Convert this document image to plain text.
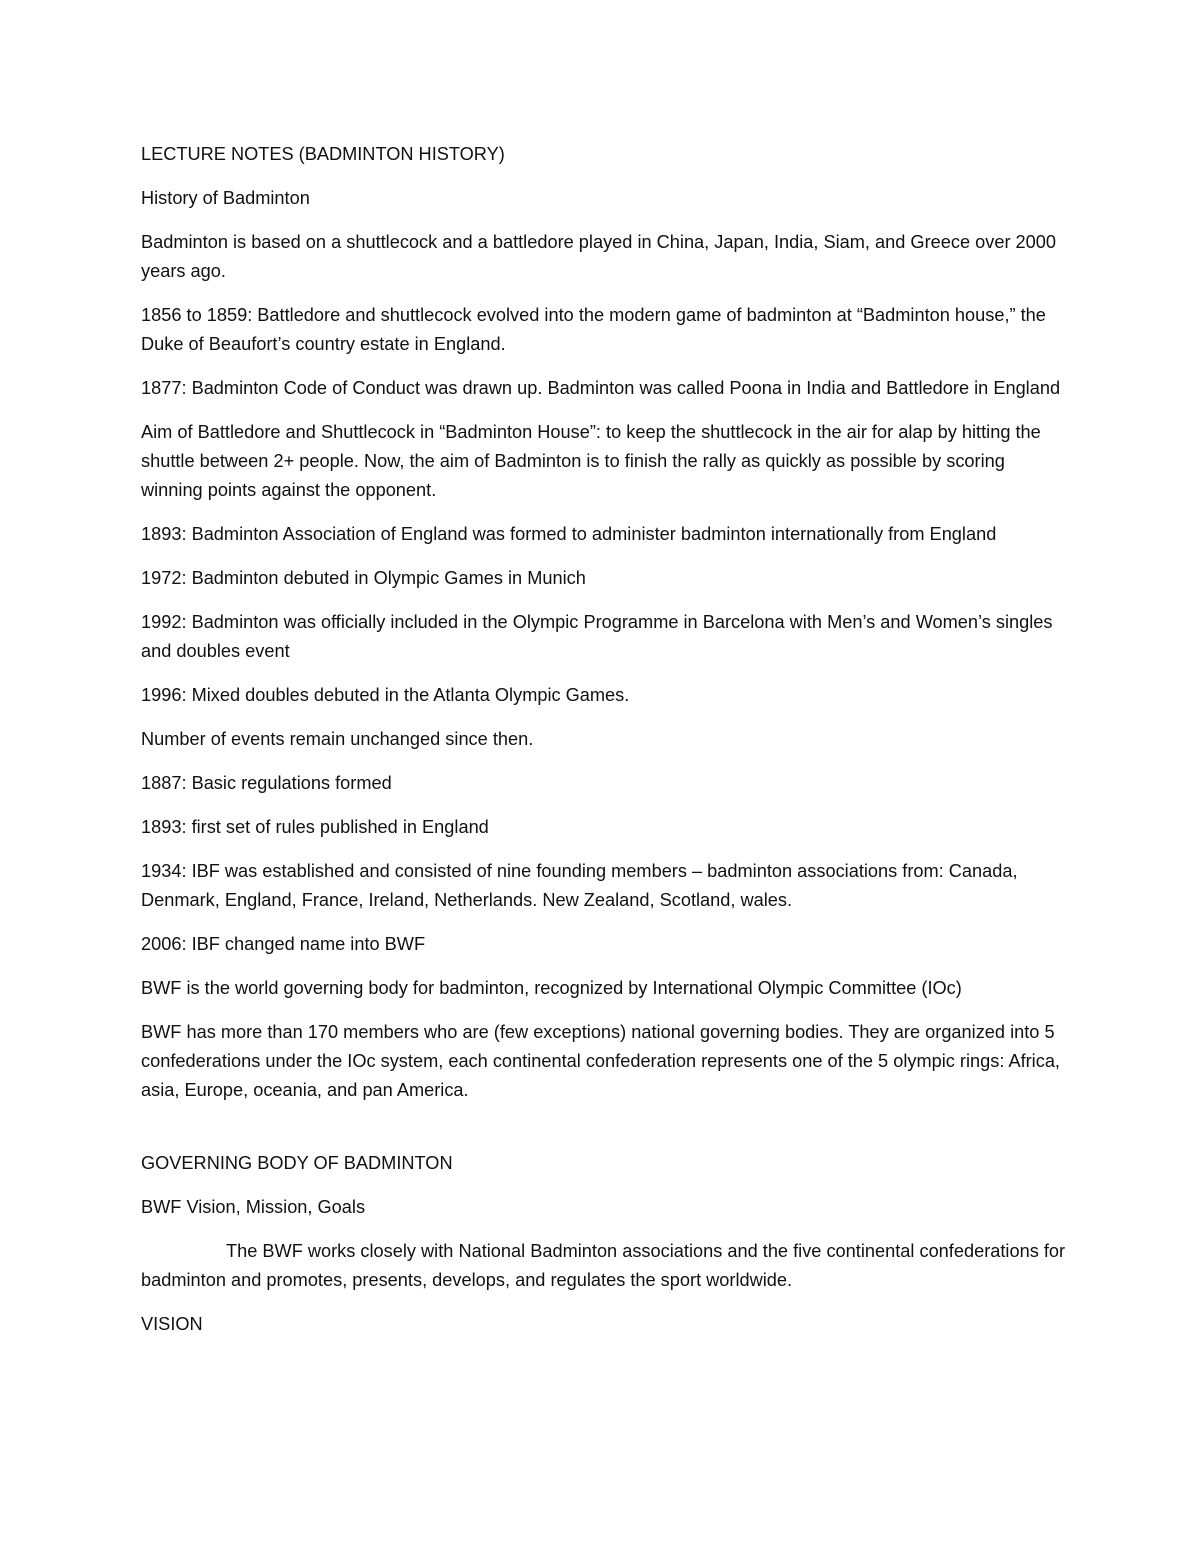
LECTURE NOTES (BADMINTON HISTORY)

History of Badminton

Badminton is based on a shuttlecock and a battledore played in China, Japan, India, Siam, and Greece over 2000 years ago.

1856 to 1859: Battledore and shuttlecock evolved into the modern game of badminton at “Badminton house,” the Duke of Beaufort’s country estate in England.

1877: Badminton Code of Conduct was drawn up. Badminton was called Poona in India and Battledore in England

Aim of Battledore and Shuttlecock in “Badminton House”: to keep the shuttlecock in the air for alap by hitting the shuttle between 2+ people. Now, the aim of Badminton is to finish the rally as quickly as possible by scoring winning points against the opponent.

1893: Badminton Association of England was formed to administer badminton internationally from England

1972: Badminton debuted in Olympic Games in Munich

1992: Badminton was officially included in the Olympic Programme in Barcelona with Men’s and Women’s singles and doubles event

1996: Mixed doubles debuted in the Atlanta Olympic Games.

Number of events remain unchanged since then.

1887: Basic regulations formed

1893: first set of rules published in England

1934: IBF was established and consisted of nine founding members – badminton associations from: Canada, Denmark, England, France, Ireland, Netherlands. New Zealand, Scotland, wales.

2006: IBF changed name into BWF

BWF is the world governing body for badminton, recognized by International Olympic Committee (IOc)

BWF has more than 170 members who are (few exceptions) national governing bodies. They are organized into 5 confederations under the IOc system, each continental confederation represents one of the 5 olympic rings: Africa, asia, Europe, oceania, and pan America.

GOVERNING BODY OF BADMINTON

BWF Vision, Mission, Goals

The BWF works closely with National Badminton associations and the five continental confederations for badminton and promotes, presents, develops, and regulates the sport worldwide.

VISION
